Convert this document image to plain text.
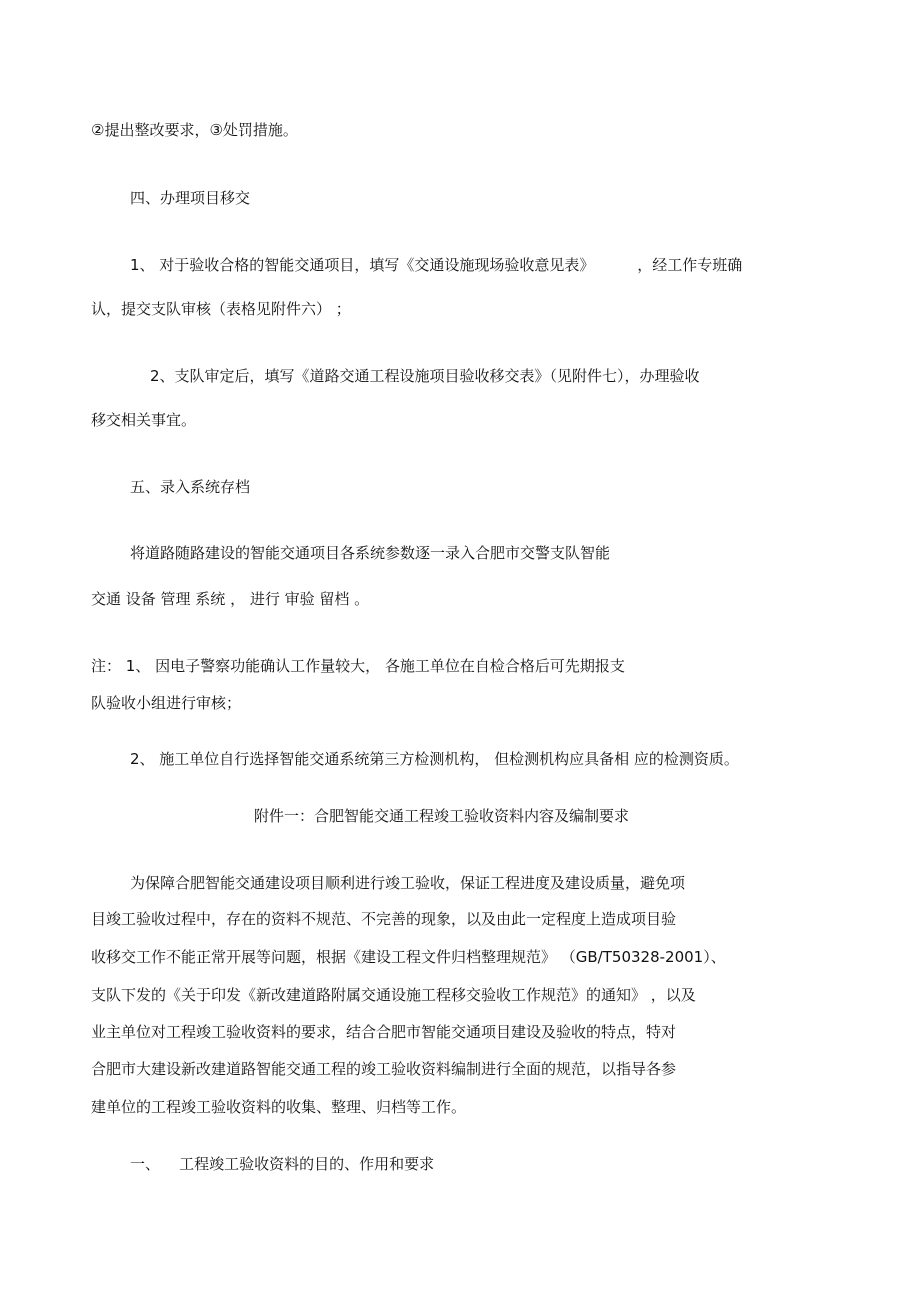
②提出整改要求，③处罚措施。

四、办理项目移交

1、 对于验收合格的智能交通项目，填写《交通设施现场验收意见表》         ，经工作专班确

认，提交支队审核（表格见附件六） ；

2、支队审定后，填写《道路交通工程设施项目验收移交表》（见附件七），办理验收

移交相关事宜。

五、录入系统存档

将道路随路建设的智能交通项目各系统参数逐一录入合肥市交警支队智能

交通 设备 管理 系统 ， 进行 审验 留档 。

注： 1、 因电子警察功能确认工作量较大， 各施工单位在自检合格后可先期报支

队验收小组进行审核；

2、 施工单位自行选择智能交通系统第三方检测机构， 但检测机构应具备相 应的检测资质。

附件一：合肥智能交通工程竣工验收资料内容及编制要求

为保障合肥智能交通建设项目顺利进行竣工验收，保证工程进度及建设质量，避免项

目竣工验收过程中，存在的资料不规范、不完善的现象，以及由此一定程度上造成项目验

收移交工作不能正常开展等问题，根据《建设工程文件归档整理规范》 （GB/T50328-2001）、

支队下发的《关于印发《新改建道路附属交通设施工程移交验收工作规范》的通知》 ，以及

业主单位对工程竣工验收资料的要求，结合合肥市智能交通项目建设及验收的特点，特对

合肥市大建设新改建道路智能交通工程的竣工验收资料编制进行全面的规范，以指导各参

建单位的工程竣工验收资料的收集、整理、归档等工作。

一、    工程竣工验收资料的目的、作用和要求
